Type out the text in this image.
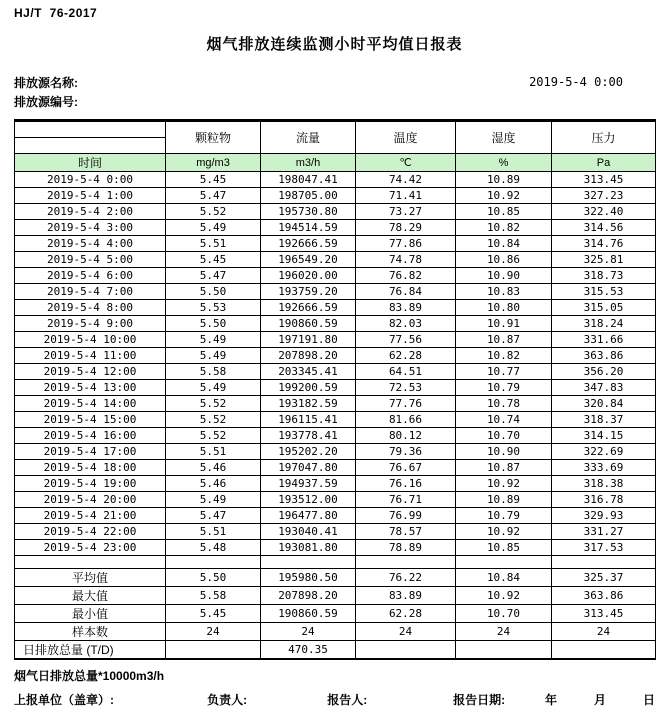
HJ/T  76-2017
烟气排放连续监测小时平均值日报表
排放源名称:
排放源编号:
2019-5-4 0:00
	颗粒物	流量	温度	湿度	压力
时间	mg/m3	m3/h	℃	%	Pa
2019-5-4 0:00	5.45	198047.41	74.42	10.89	313.45
2019-5-4 1:00	5.47	198705.00	71.41	10.92	327.23
2019-5-4 2:00	5.52	195730.80	73.27	10.85	322.40
2019-5-4 3:00	5.49	194514.59	78.29	10.82	314.56
2019-5-4 4:00	5.51	192666.59	77.86	10.84	314.76
2019-5-4 5:00	5.45	196549.20	74.78	10.86	325.81
2019-5-4 6:00	5.47	196020.00	76.82	10.90	318.73
2019-5-4 7:00	5.50	193759.20	76.84	10.83	315.53
2019-5-4 8:00	5.53	192666.59	83.89	10.80	315.05
2019-5-4 9:00	5.50	190860.59	82.03	10.91	318.24
2019-5-4 10:00	5.49	197191.80	77.56	10.87	331.66
2019-5-4 11:00	5.49	207898.20	62.28	10.82	363.86
2019-5-4 12:00	5.58	203345.41	64.51	10.77	356.20
2019-5-4 13:00	5.49	199200.59	72.53	10.79	347.83
2019-5-4 14:00	5.52	193182.59	77.76	10.78	320.84
2019-5-4 15:00	5.52	196115.41	81.66	10.74	318.37
2019-5-4 16:00	5.52	193778.41	80.12	10.70	314.15
2019-5-4 17:00	5.51	195202.20	79.36	10.90	322.69
2019-5-4 18:00	5.46	197047.80	76.67	10.87	333.69
2019-5-4 19:00	5.46	194937.59	76.16	10.92	318.38
2019-5-4 20:00	5.49	193512.00	76.71	10.89	316.78
2019-5-4 21:00	5.47	196477.80	76.99	10.79	329.93
2019-5-4 22:00	5.51	193040.41	78.57	10.92	331.27
2019-5-4 23:00	5.48	193081.80	78.89	10.85	317.53

平均值	5.50	195980.50	76.22	10.84	325.37
最大值	5.58	207898.20	83.89	10.92	363.86
最小值	5.45	190860.59	62.28	10.70	313.45
样本数	24	24	24	24	24
日排放总量 (T/D)		470.35			
烟气日排放总量*10000m3/h
上报单位（盖章）:	负责人:	报告人:	报告日期:	年	月	日
